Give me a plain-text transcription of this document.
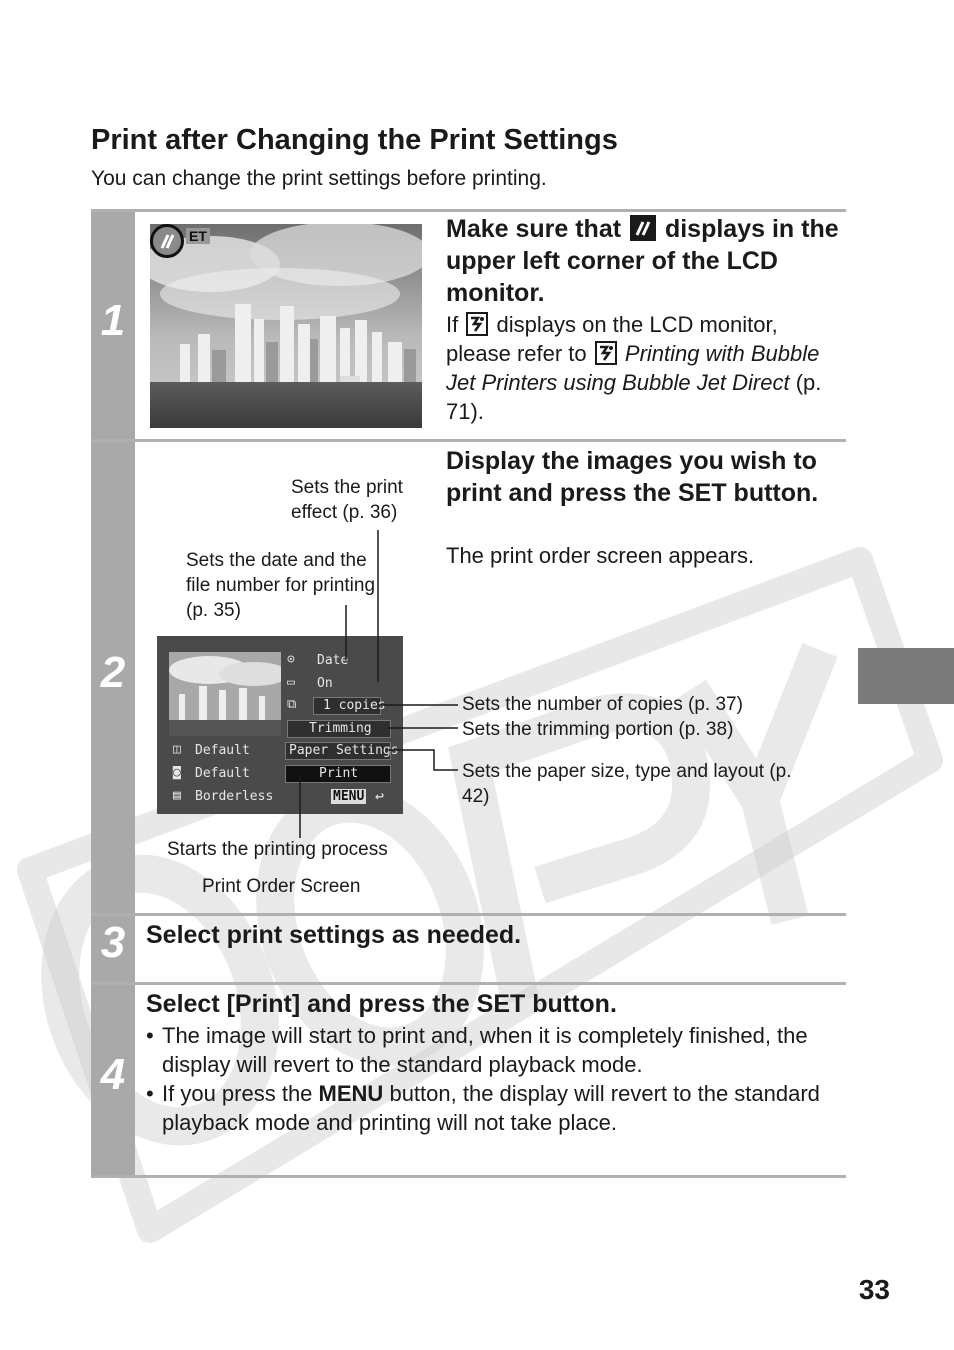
Print after Changing the Print Settings
You can change the print settings before printing.
1
2
3
4
ET	Make sure that displays in the upper left corner of the LCD monitor.
If displays on the LCD monitor, please refer to Printing with Bubble Jet Printers using Bubble Jet Direct (p. 71).
Display the images you wish to print and press the SET button.
The print order screen appears.
Sets the print effect (p. 36)
Sets the date and the file number for printing (p. 35)
⊙ Date
▭ On
⧉ 1 copies
Trimming
Paper Settings
Print
◫ Default
◙ Default
▤ Borderless	MENU ↩
Sets the number of copies (p. 37)
Sets the trimming portion (p. 38)
Sets the paper size, type and layout (p. 42)
Starts the printing process
Print Order Screen
Select print settings as needed.
Select [Print] and press the SET button.
• The image will start to print and, when it is completely finished, the display will revert to the standard playback mode.
• If you press the MENU button, the display will revert to the standard playback mode and printing will not take place.
33
